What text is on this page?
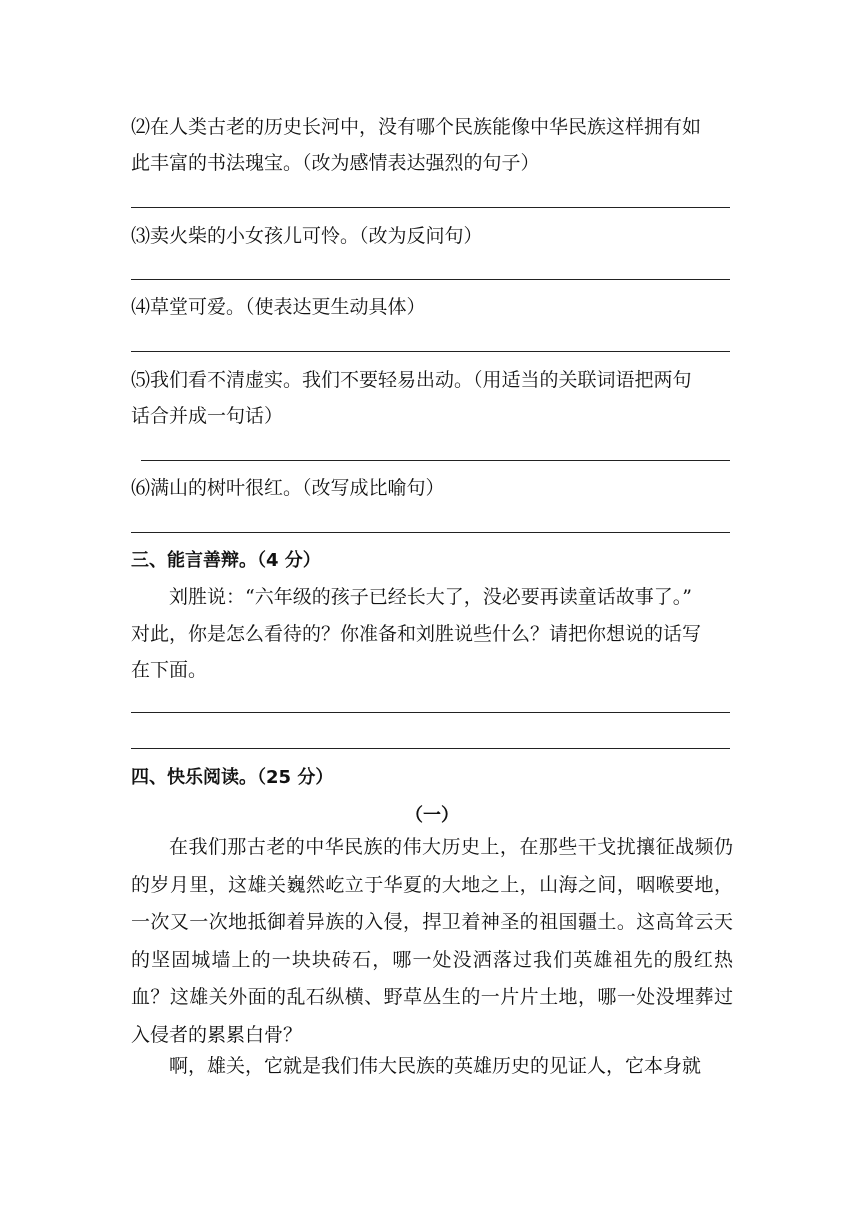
⑵在人类古老的历史长河中，没有哪个民族能像中华民族这样拥有如
此丰富的书法瑰宝。（改为感情表达强烈的句子）
⑶卖火柴的小女孩儿可怜。（改为反问句）
⑷草堂可爱。（使表达更生动具体）
⑸我们看不清虚实。我们不要轻易出动。（用适当的关联词语把两句
话合并成一句话）
⑹满山的树叶很红。（改写成比喻句）
三、能言善辩。（4 分）
刘胜说：“六年级的孩子已经长大了，没必要再读童话故事了。”
对此，你是怎么看待的？你准备和刘胜说些什么？请把你想说的话写
在下面。
四、快乐阅读。（25 分）
（一）
在我们那古老的中华民族的伟大历史上，在那些干戈扰攘征战频仍的岁月里，这雄关巍然屹立于华夏的大地之上，山海之间，咽喉要地，一次又一次地抵御着异族的入侵，捍卫着神圣的祖国疆土。这高耸云天的坚固城墙上的一块块砖石，哪一处没洒落过我们英雄祖先的殷红热血？这雄关外面的乱石纵横、野草丛生的一片片土地，哪一处没埋葬过入侵者的累累白骨？
啊，雄关，它就是我们伟大民族的英雄历史的见证人，它本身就
